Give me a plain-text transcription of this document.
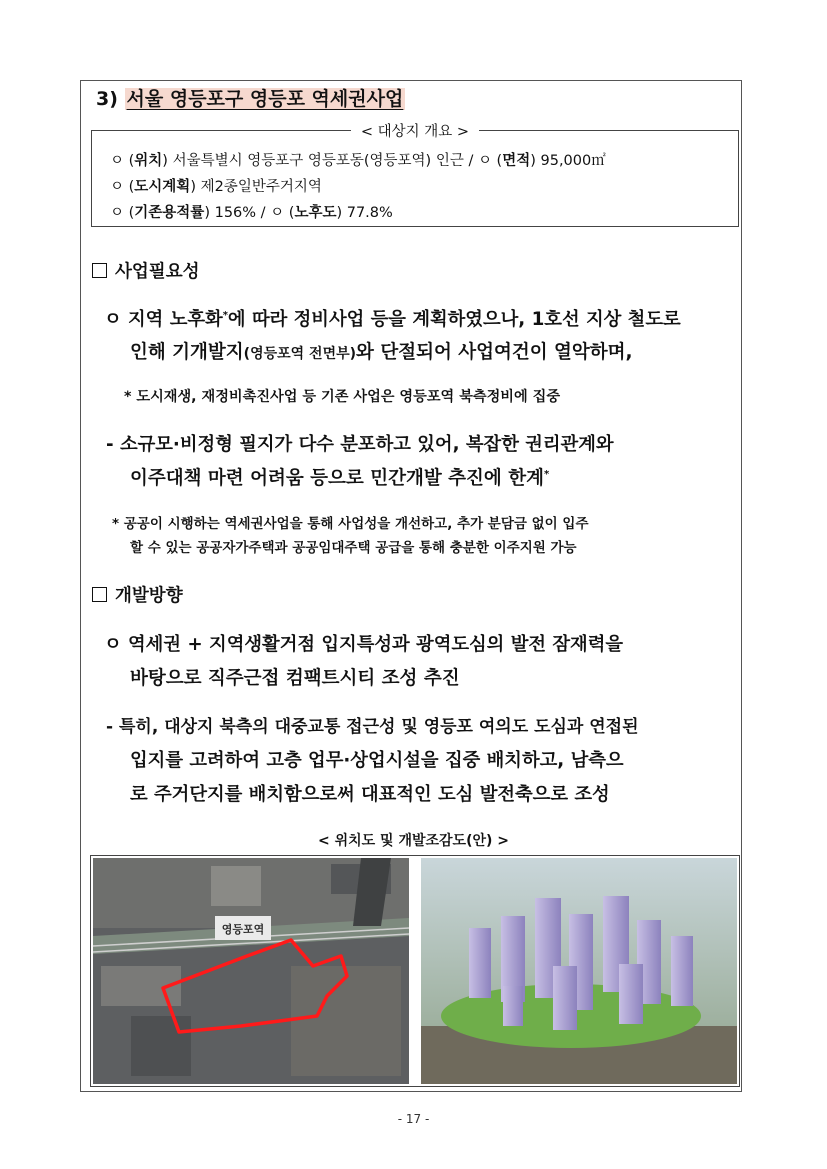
3) 서울 영등포구 영등포 역세권사업
< 대상지 개요 >
ㅇ (위치) 서울특별시 영등포구 영등포동(영등포역) 인근 / ㅇ (면적) 95,000㎡
ㅇ (도시계획) 제2종일반주거지역
ㅇ (기존용적률) 156% / ㅇ (노후도) 77.8%
사업필요성
ㅇ 지역 노후화*에 따라 정비사업 등을 계획하였으나, 1호선 지상 철도로
인해 기개발지(영등포역 전면부)와 단절되어 사업여건이 열악하며,
* 도시재생, 재정비촉진사업 등 기존 사업은 영등포역 북측정비에 집중
- 소규모·비정형 필지가 다수 분포하고 있어, 복잡한 권리관계와
이주대책 마련 어려움 등으로 민간개발 추진에 한계*
* 공공이 시행하는 역세권사업을 통해 사업성을 개선하고, 추가 분담금 없이 입주
할 수 있는 공공자가주택과 공공임대주택 공급을 통해 충분한 이주지원 가능
개발방향
ㅇ 역세권 + 지역생활거점 입지특성과 광역도심의 발전 잠재력을
바탕으로 직주근접 컴팩트시티 조성 추진
- 특히, 대상지 북측의 대중교통 접근성 및 영등포 여의도 도심과 연접된
입지를 고려하여 고층 업무·상업시설을 집중 배치하고, 남측으
로 주거단지를 배치함으로써 대표적인 도심 발전축으로 조성
< 위치도 및 개발조감도(안) >
영등포역
- 17 -
